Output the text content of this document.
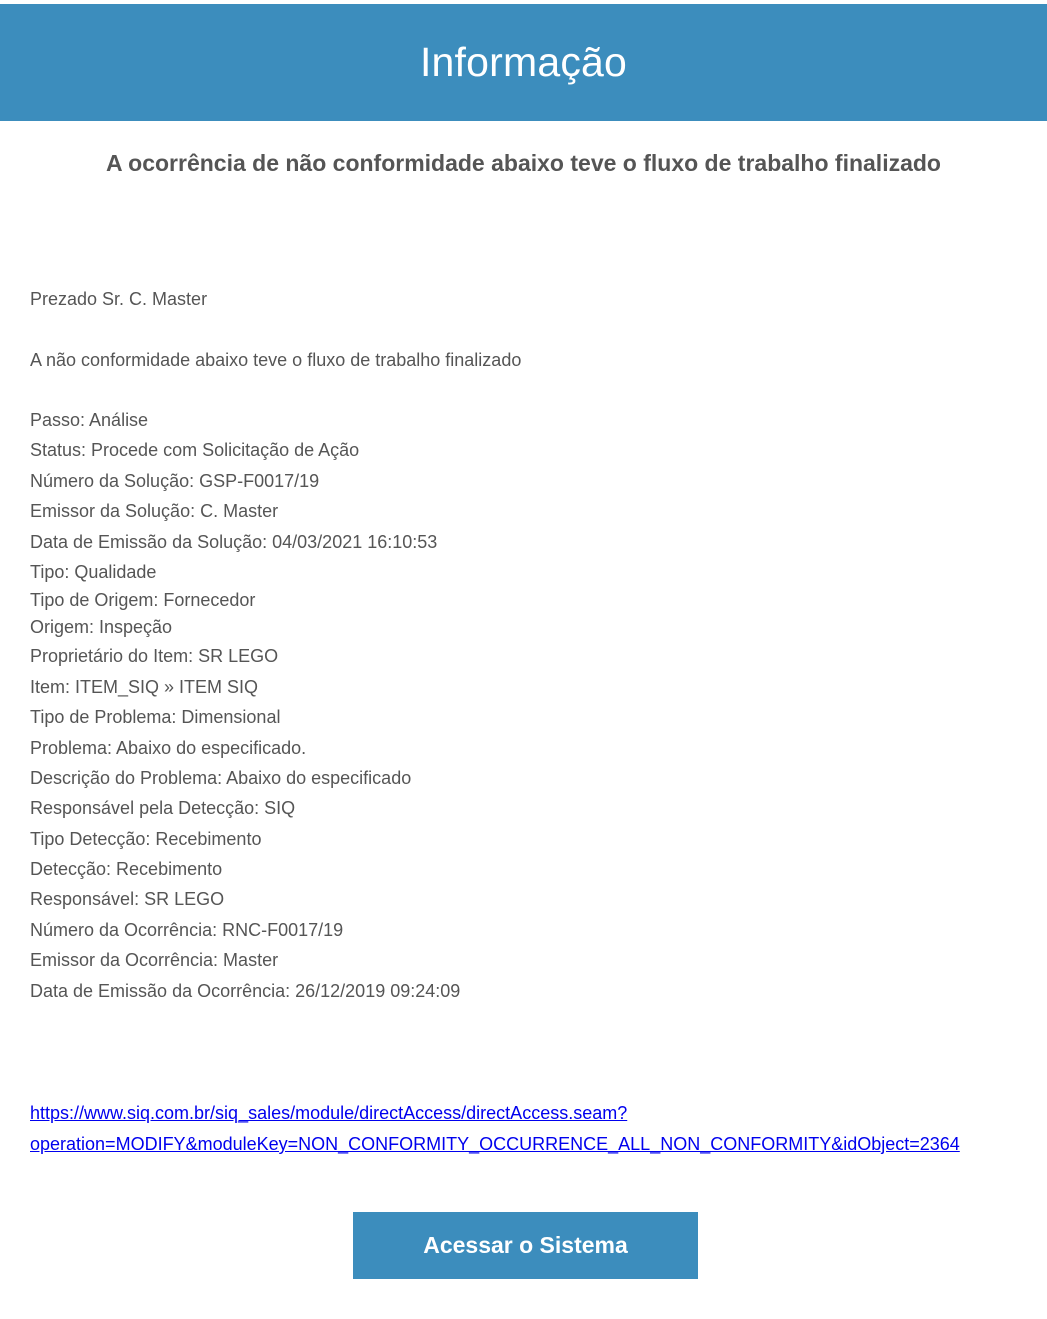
Informação
A ocorrência de não conformidade abaixo teve o fluxo de trabalho finalizado
Prezado Sr. C. Master
A não conformidade abaixo teve o fluxo de trabalho finalizado
Passo: Análise
Status: Procede com Solicitação de Ação
Número da Solução: GSP-F0017/19
Emissor da Solução: C. Master
Data de Emissão da Solução: 04/03/2021 16:10:53
Tipo: Qualidade
Tipo de Origem: Fornecedor
Origem: Inspeção
Proprietário do Item: SR LEGO
Item: ITEM_SIQ » ITEM SIQ
Tipo de Problema: Dimensional
Problema: Abaixo do especificado.
Descrição do Problema: Abaixo do especificado
Responsável pela Detecção: SIQ
Tipo Detecção: Recebimento
Detecção: Recebimento
Responsável: SR LEGO
Número da Ocorrência: RNC-F0017/19
Emissor da Ocorrência: Master
Data de Emissão da Ocorrência: 26/12/2019 09:24:09
https://www.siq.com.br/siq_sales/module/directAccess/directAccess.seam?
operation=MODIFY&moduleKey=NON_CONFORMITY_OCCURRENCE_ALL_NON_CONFORMITY&idObject=2364
Acessar o Sistema
